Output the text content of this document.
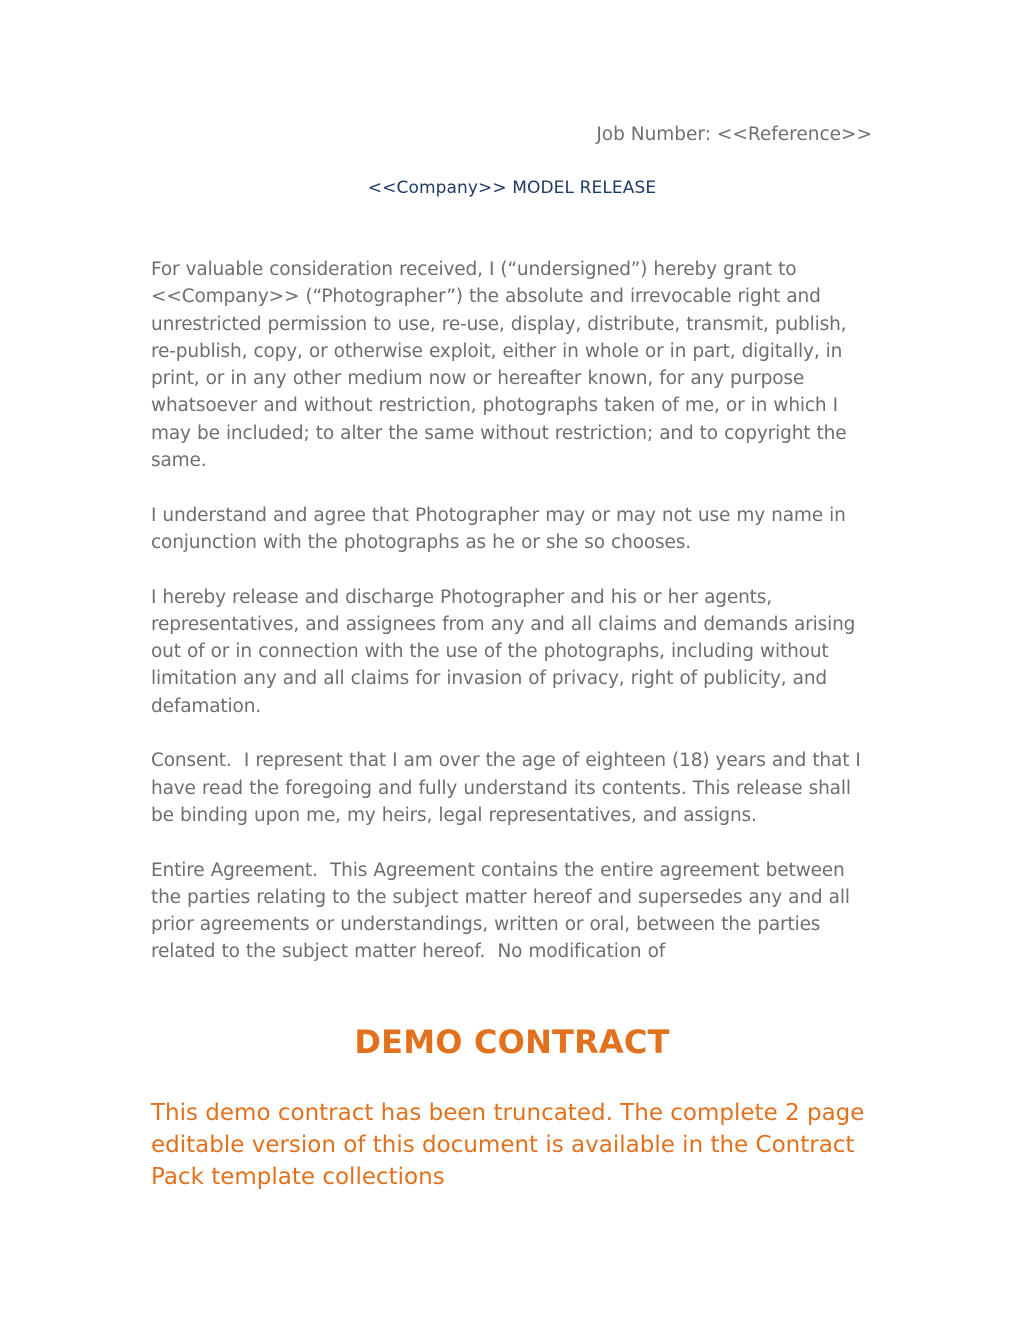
Job Number: <<Reference>>
<<Company>> MODEL RELEASE

For valuable consideration received, I (“undersigned”) hereby grant to <<Company>> (“Photographer”) the absolute and irrevocable right and unrestricted permission to use, re-use, display, distribute, transmit, publish, re-publish, copy, or otherwise exploit, either in whole or in part, digitally, in print, or in any other medium now or hereafter known, for any purpose whatsoever and without restriction, photographs taken of me, or in which I may be included; to alter the same without restriction; and to copyright the same.

I understand and agree that Photographer may or may not use my name in conjunction with the photographs as he or she so chooses.

I hereby release and discharge Photographer and his or her agents, representatives, and assignees from any and all claims and demands arising out of or in connection with the use of the photographs, including without limitation any and all claims for invasion of privacy, right of publicity, and defamation.

Consent.  I represent that I am over the age of eighteen (18) years and that I have read the foregoing and fully understand its contents. This release shall be binding upon me, my heirs, legal representatives, and assigns.

Entire Agreement.  This Agreement contains the entire agreement between the parties relating to the subject matter hereof and supersedes any and all prior agreements or understandings, written or oral, between the parties related to the subject matter hereof.  No modification of

DEMO CONTRACT
This demo contract has been truncated. The complete 2 page editable version of this document is available in the Contract Pack template collections
